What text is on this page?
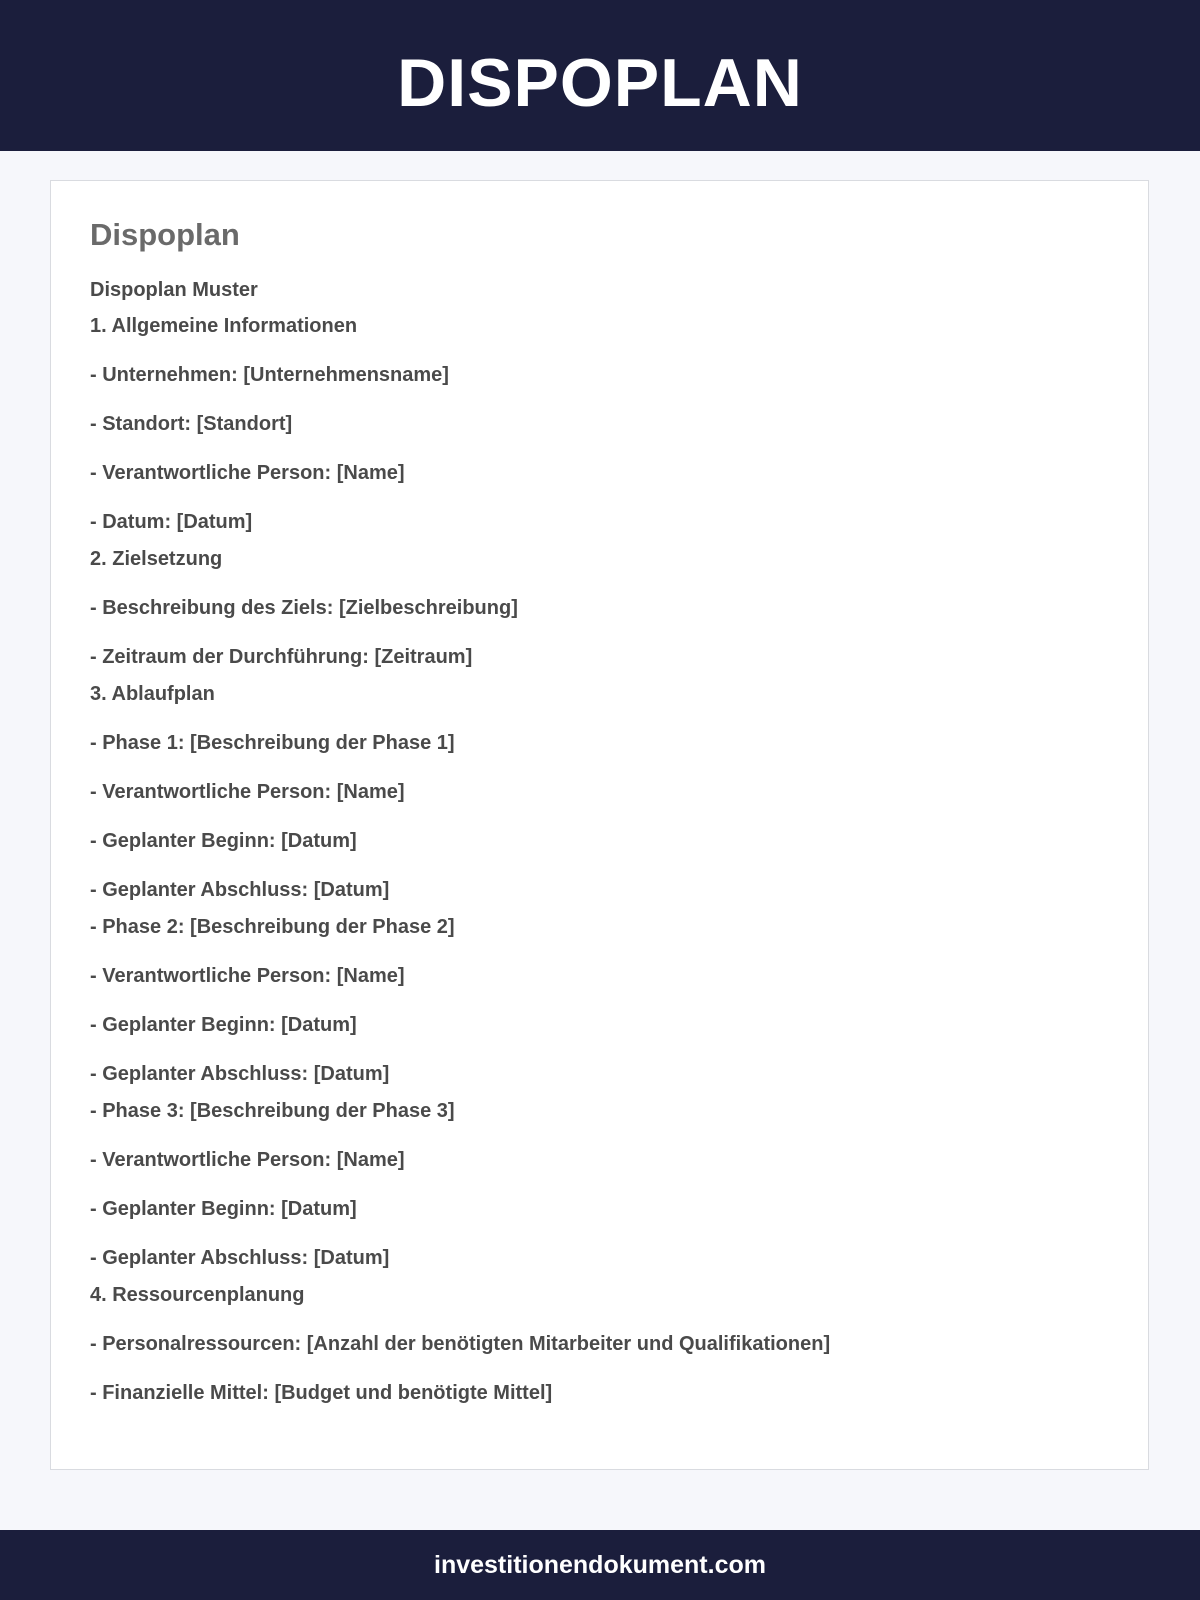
DISPOPLAN
Dispoplan
Dispoplan Muster
1. Allgemeine Informationen
- Unternehmen: [Unternehmensname]
- Standort: [Standort]
- Verantwortliche Person: [Name]
- Datum: [Datum]
2. Zielsetzung
- Beschreibung des Ziels: [Zielbeschreibung]
- Zeitraum der Durchführung: [Zeitraum]
3. Ablaufplan
- Phase 1: [Beschreibung der Phase 1]
- Verantwortliche Person: [Name]
- Geplanter Beginn: [Datum]
- Geplanter Abschluss: [Datum]
- Phase 2: [Beschreibung der Phase 2]
- Verantwortliche Person: [Name]
- Geplanter Beginn: [Datum]
- Geplanter Abschluss: [Datum]
- Phase 3: [Beschreibung der Phase 3]
- Verantwortliche Person: [Name]
- Geplanter Beginn: [Datum]
- Geplanter Abschluss: [Datum]
4. Ressourcenplanung
- Personalressourcen: [Anzahl der benötigten Mitarbeiter und Qualifikationen]
- Finanzielle Mittel: [Budget und benötigte Mittel]
investitionendokument.com
